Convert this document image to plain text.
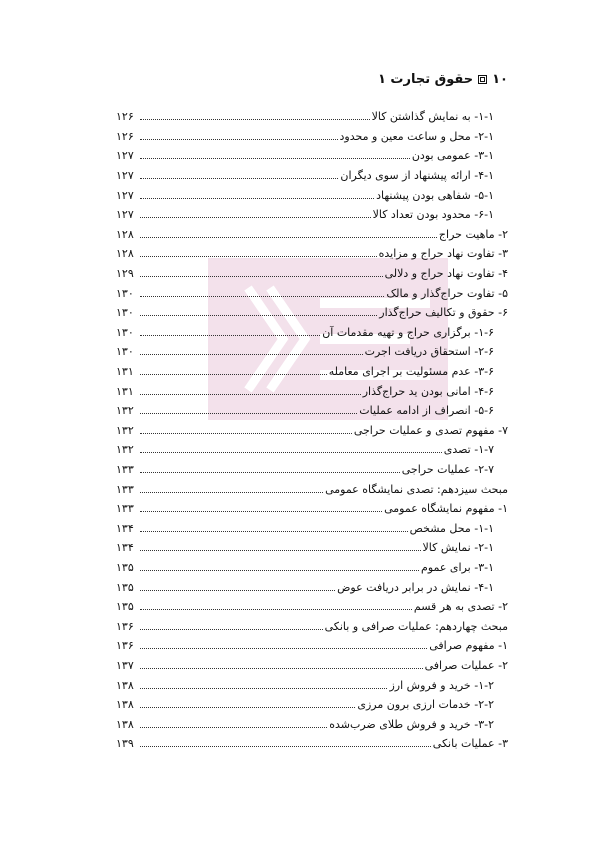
۱۰
حقوق تجارت ۱
۱-۱- به نمایش گذاشتن کالا
۱۲۶
۲-۱- محل و ساعت معین و محدود
۱۲۶
۳-۱- عمومی بودن
۱۲۷
۴-۱- ارائه پیشنهاد از سوی دیگران
۱۲۷
۵-۱- شفاهی بودن پیشنهاد
۱۲۷
۶-۱- محدود بودن تعداد کالا
۱۲۷
۲- ماهیت حراج
۱۲۸
۳- تفاوت نهاد حراج و مزایده
۱۲۸
۴- تفاوت نهاد حراج و دلالی
۱۲۹
۵- تفاوت حراج‌گذار و مالک
۱۳۰
۶- حقوق و تکالیف حراج‌گذار
۱۳۰
۱-۶- برگزاری حراج و تهیه مقدمات آن
۱۳۰
۲-۶- استحقاق دریافت اجرت
۱۳۰
۳-۶- عدم مسئولیت بر اجرای معامله
۱۳۱
۴-۶- امانی بودن ید حراج‌گذار
۱۳۱
۵-۶- انصراف از ادامه عملیات
۱۳۲
۷- مفهوم تصدی و عملیات حراجی
۱۳۲
۱-۷- تصدی
۱۳۲
۲-۷- عملیات حراجی
۱۳۳
مبحث سیزدهم: تصدی نمایشگاه عمومی
۱۳۳
۱- مفهوم نمایشگاه عمومی
۱۳۳
۱-۱- محل مشخص
۱۳۴
۲-۱- نمایش کالا
۱۳۴
۳-۱- برای عموم
۱۳۵
۴-۱- نمایش در برابر دریافت عوض
۱۳۵
۲- تصدی به هر قسم
۱۳۵
مبحث چهاردهم: عملیات صرافی و بانکی
۱۳۶
۱- مفهوم صرافی
۱۳۶
۲- عملیات صرافی
۱۳۷
۱-۲- خرید و فروش ارز
۱۳۸
۲-۲- خدمات ارزی برون مرزی
۱۳۸
۳-۲- خرید و فروش طلای ضرب‌شده
۱۳۸
۳- عملیات بانکی
۱۳۹
